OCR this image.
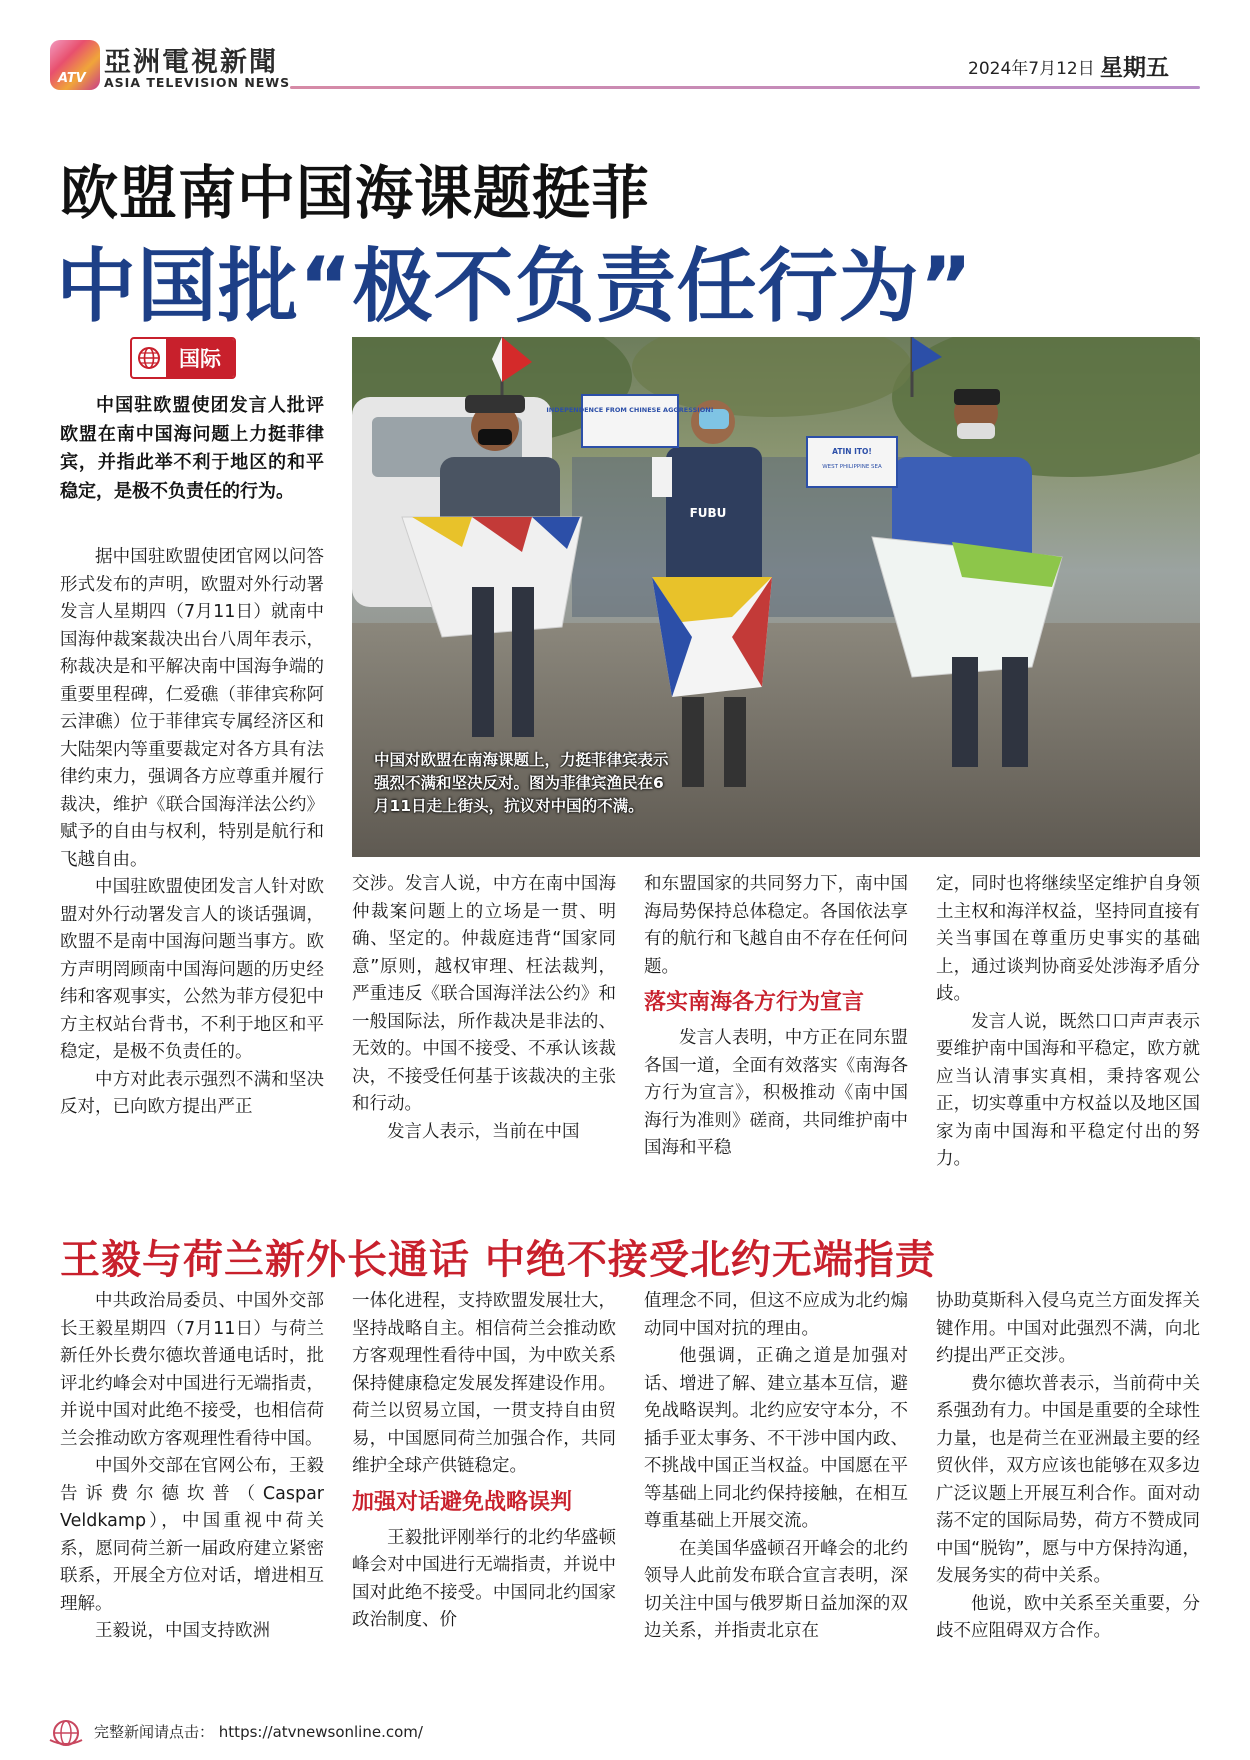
ATV
亞洲電視新聞
ASIA TELEVISION NEWS
2024年7月12日 星期五
欧盟南中国海课题挺菲
中国批“极不负责任行为”
国际
中国驻欧盟使团发言人批评欧盟在南中国海问题上力挺菲律宾，并指此举不利于地区的和平稳定，是极不负责任的行为。
INDEPENDENCE FROM CHINESE AGGRESSION!
ATIN ITO!
WEST PHILIPPINE SEA
FUBU
中国对欧盟在南海课题上，力挺菲律宾表示强烈不满和坚决反对。图为菲律宾渔民在6月11日走上街头，抗议对中国的不满。

据中国驻欧盟使团官网以问答形式发布的声明，欧盟对外行动署发言人星期四（7月11日）就南中国海仲裁案裁决出台八周年表示，称裁决是和平解决南中国海争端的重要里程碑，仁爱礁（菲律宾称阿云津礁）位于菲律宾专属经济区和大陆架内等重要裁定对各方具有法律约束力，强调各方应尊重并履行裁决，维护《联合国海洋法公约》赋予的自由与权利，特别是航行和飞越自由。

中国驻欧盟使团发言人针对欧盟对外行动署发言人的谈话强调，欧盟不是南中国海问题当事方。欧方声明罔顾南中国海问题的历史经纬和客观事实，公然为菲方侵犯中方主权站台背书，不利于地区和平稳定，是极不负责任的。

中方对此表示强烈不满和坚决反对，已向欧方提出严正

交涉。发言人说，中方在南中国海仲裁案问题上的立场是一贯、明确、坚定的。仲裁庭违背“国家同意”原则，越权审理、枉法裁判，严重违反《联合国海洋法公约》和一般国际法，所作裁决是非法的、无效的。中国不接受、不承认该裁决，不接受任何基于该裁决的主张和行动。

发言人表示，当前在中国

和东盟国家的共同努力下，南中国海局势保持总体稳定。各国依法享有的航行和飞越自由不存在任何问题。

落实南海各方行为宣言

发言人表明，中方正在同东盟各国一道，全面有效落实《南海各方行为宣言》，积极推动《南中国海行为准则》磋商，共同维护南中国海和平稳

定，同时也将继续坚定维护自身领土主权和海洋权益，坚持同直接有关当事国在尊重历史事实的基础上，通过谈判协商妥处涉海矛盾分歧。

发言人说，既然口口声声表示要维护南中国海和平稳定，欧方就应当认清事实真相，秉持客观公正，切实尊重中方权益以及地区国家为南中国海和平稳定付出的努力。

王毅与荷兰新外长通话 中绝不接受北约无端指责

中共政治局委员、中国外交部长王毅星期四（7月11日）与荷兰新任外长费尔德坎普通电话时，批评北约峰会对中国进行无端指责，并说中国对此绝不接受，也相信荷兰会推动欧方客观理性看待中国。

中国外交部在官网公布，王毅告诉费尔德坎普（Caspar Veldkamp），中国重视中荷关系，愿同荷兰新一届政府建立紧密联系，开展全方位对话，增进相互理解。

王毅说，中国支持欧洲

一体化进程，支持欧盟发展壮大，坚持战略自主。相信荷兰会推动欧方客观理性看待中国，为中欧关系保持健康稳定发展发挥建设作用。荷兰以贸易立国，一贯支持自由贸易，中国愿同荷兰加强合作，共同维护全球产供链稳定。

加强对话避免战略误判

王毅批评刚举行的北约华盛顿峰会对中国进行无端指责，并说中国对此绝不接受。中国同北约国家政治制度、价

值理念不同，但这不应成为北约煽动同中国对抗的理由。

他强调，正确之道是加强对话、增进了解、建立基本互信，避免战略误判。北约应安守本分，不插手亚太事务、不干涉中国内政、不挑战中国正当权益。中国愿在平等基础上同北约保持接触，在相互尊重基础上开展交流。

在美国华盛顿召开峰会的北约领导人此前发布联合宣言表明，深切关注中国与俄罗斯日益加深的双边关系，并指责北京在

协助莫斯科入侵乌克兰方面发挥关键作用。中国对此强烈不满，向北约提出严正交涉。

费尔德坎普表示，当前荷中关系强劲有力。中国是重要的全球性力量，也是荷兰在亚洲最主要的经贸伙伴，双方应该也能够在双多边广泛议题上开展互利合作。面对动荡不定的国际局势，荷方不赞成同中国“脱钩”，愿与中方保持沟通，发展务实的荷中关系。

他说，欧中关系至关重要，分歧不应阻碍双方合作。

完整新闻请点击： https://atvnewsonline.com/
